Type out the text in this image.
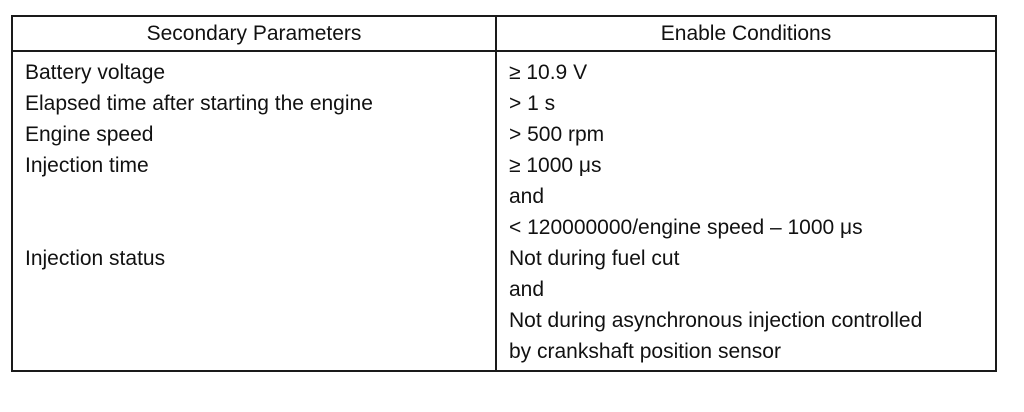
Secondary Parameters	Enable Conditions

Battery voltage	≥ 10.9 V

Elapsed time after starting the engine	> 1 s

Engine speed	> 500 rpm

Injection time	≥ 1000 μs
and
< 120000000/engine speed – 1000 μs

Injection status	Not during fuel cut
and
Not during asynchronous injection controlled
by crankshaft position sensor
